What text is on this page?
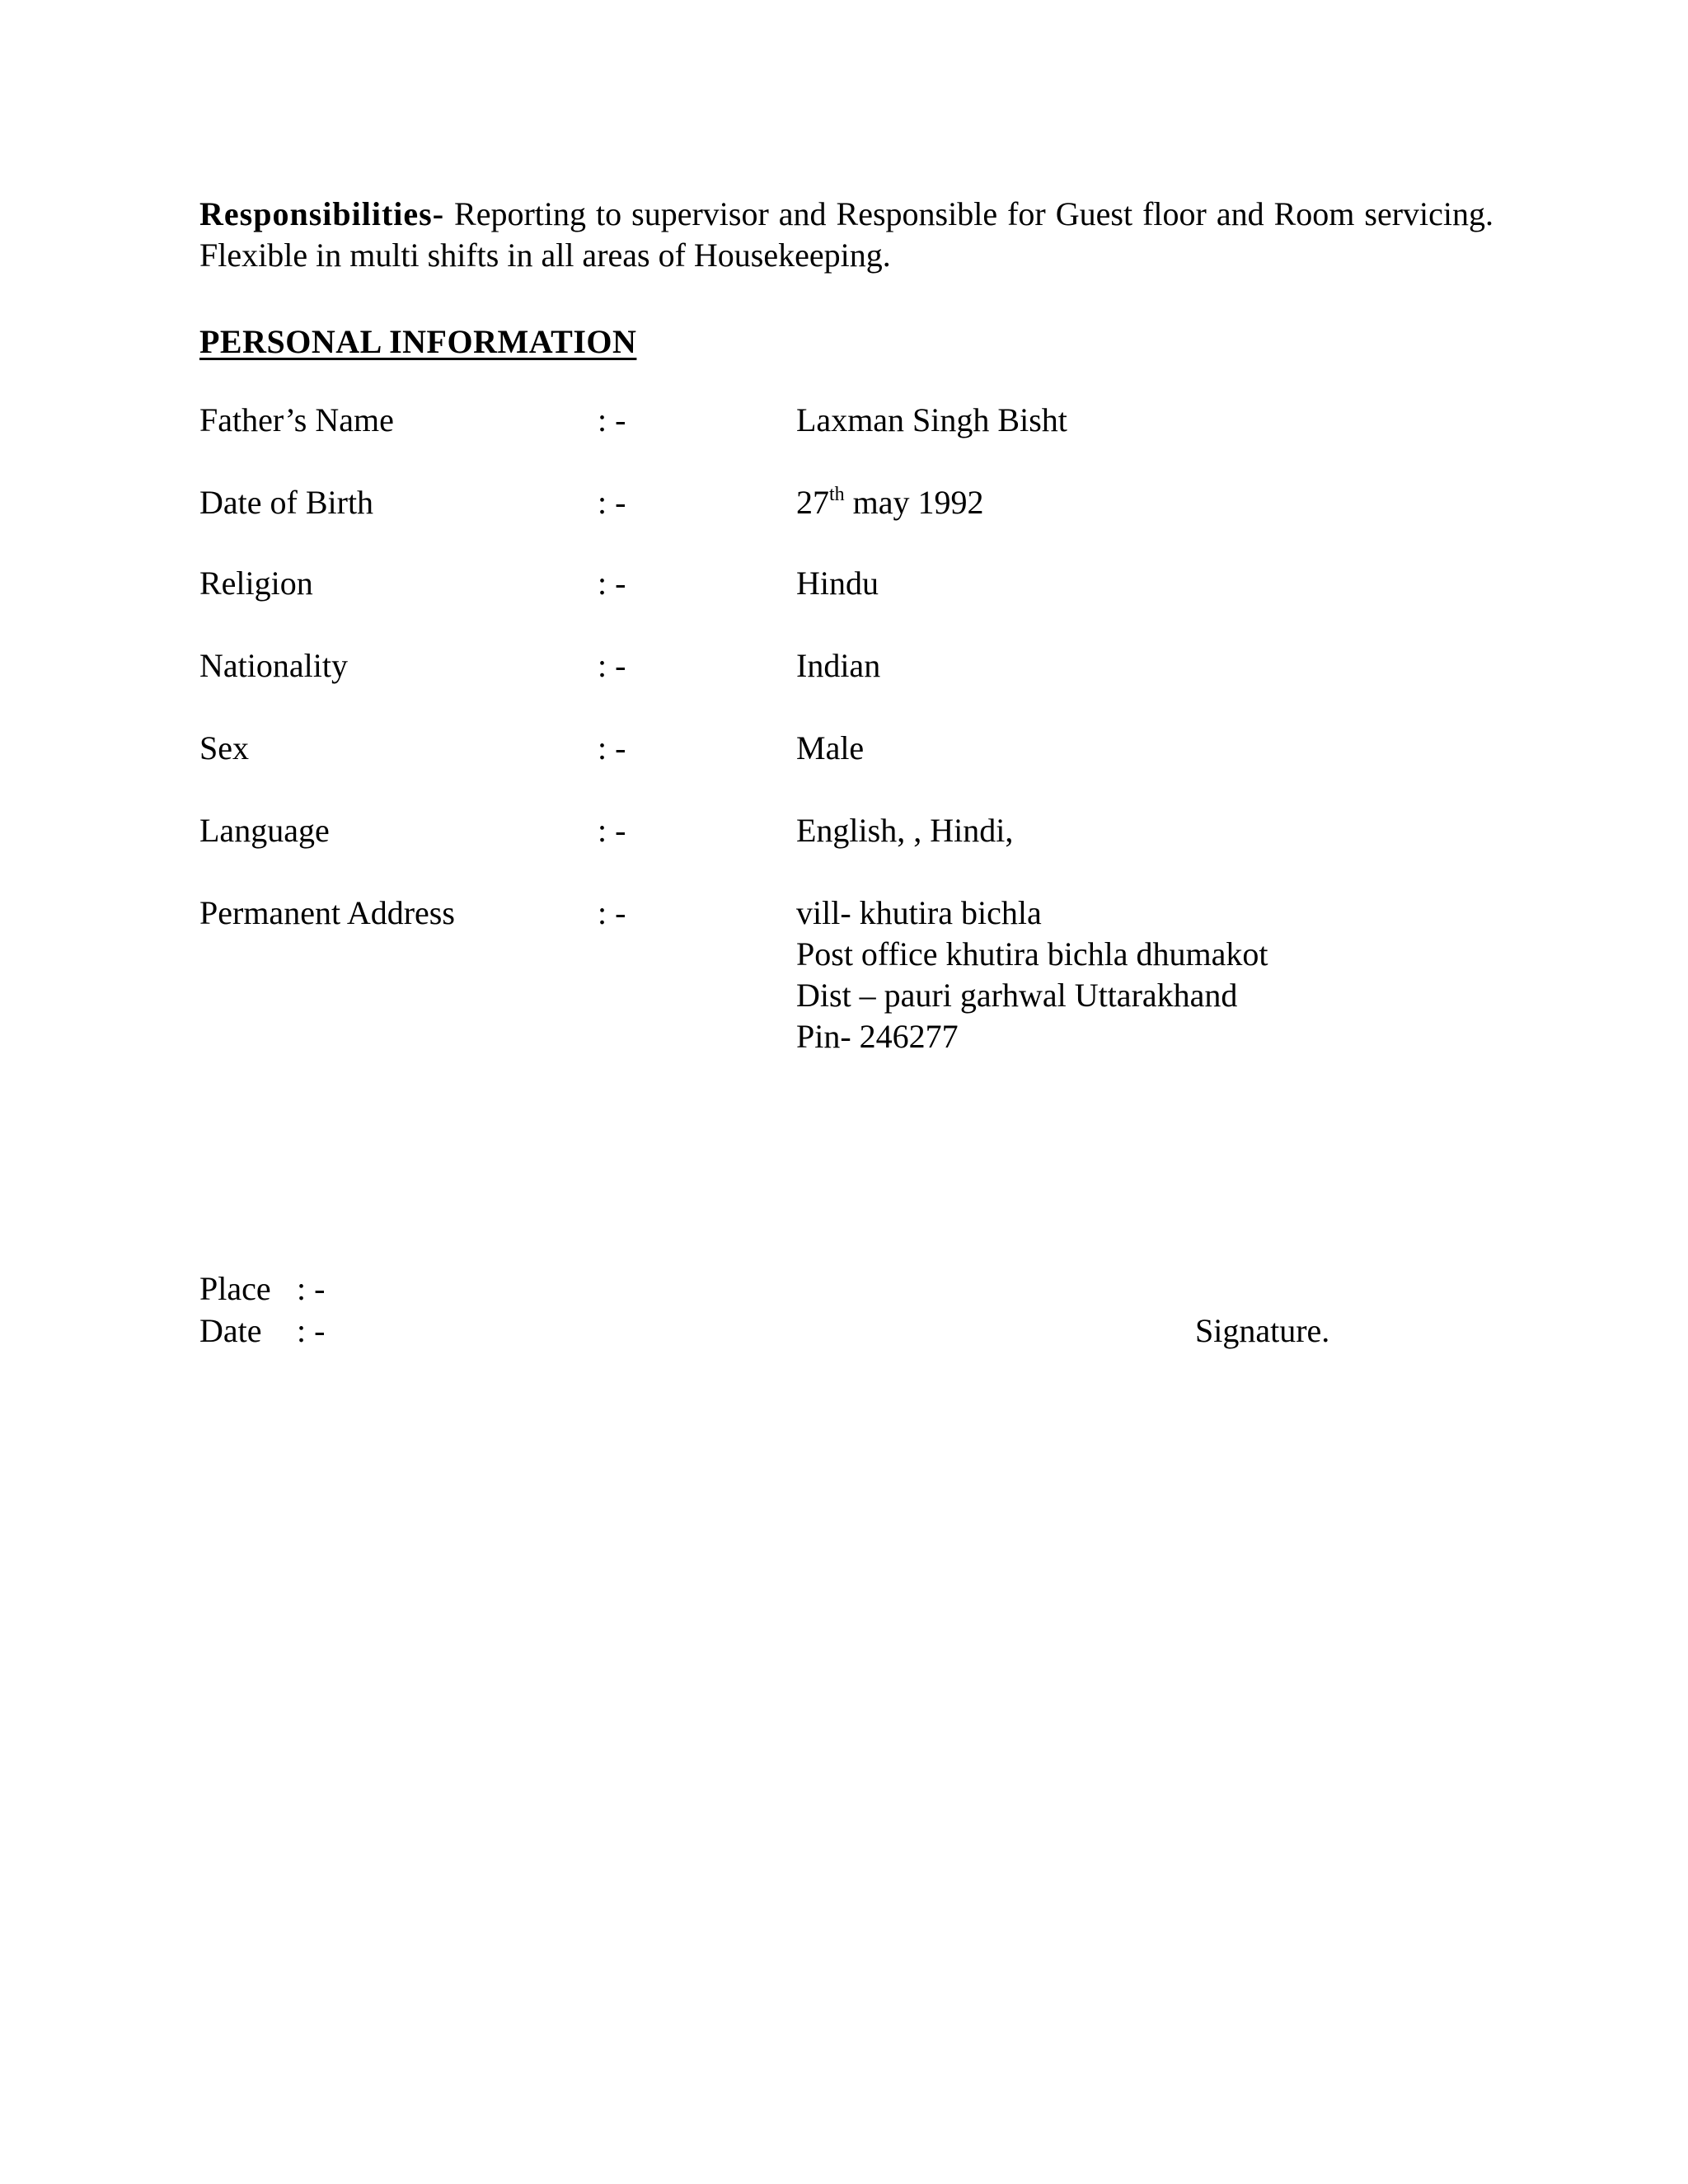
Responsibilities- Reporting to supervisor and Responsible for Guest floor and Room servicing. Flexible in multi shifts in all areas of Housekeeping.
PERSONAL INFORMATION
Father’s Name	: -	Laxman Singh Bisht
Date of Birth	: -	27th may 1992
Religion	: -	Hindu
Nationality	: -	Indian
Sex	: -	Male
Language	: -	English, , Hindi,
Permanent Address	: -	vill- khutira bichla
Post office khutira bichla dhumakot
Dist – pauri garhwal Uttarakhand
Pin- 246277
Place : -
Date : -	Signature.
